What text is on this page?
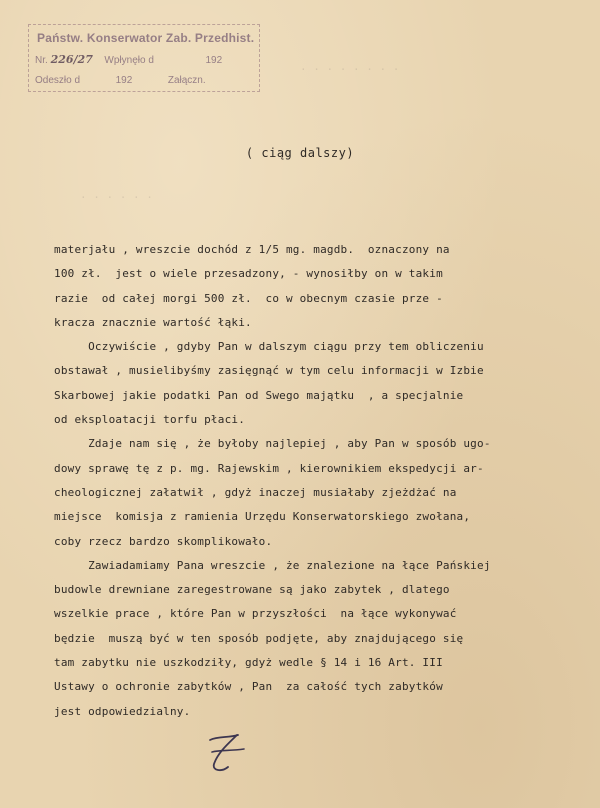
. . . . . . . .
. . . . . .
Państw. Konserwator Zab. Przedhist.
Nr. 226/27 Wpłynęło d	192
Odeszło d	192	Załączn.
( ciąg dalszy)

materjału , wreszcie dochód z 1/5 mg. magdb.  oznaczony na

100 zł.  jest o wiele przesadzony, - wynosiłby on w takim

razie  od całej morgi 500 zł.  co w obecnym czasie prze -

kracza znacznie wartość łąki.

Oczywiście , gdyby Pan w dalszym ciągu przy tem obliczeniu

obstawał , musielibyśmy zasięgnąć w tym celu informacji w Izbie

Skarbowej jakie podatki Pan od Swego majątku  , a specjalnie

od eksploatacji torfu płaci.

Zdaje nam się , że byłoby najlepiej , aby Pan w sposób ugo-

dowy sprawę tę z p. mg. Rajewskim , kierownikiem ekspedycji ar-

cheologicznej załatwił , gdyż inaczej musiałaby zjeżdżać na

miejsce  komisja z ramienia Urzędu Konserwatorskiego zwołana,

coby rzecz bardzo skomplikowało.

Zawiadamiamy Pana wreszcie , że znalezione na łące Pańskiej

budowle drewniane zaregestrowane są jako zabytek , dlatego

wszelkie prace , które Pan w przyszłości  na łące wykonywać

będzie  muszą być w ten sposób podjęte, aby znajdującego się

tam zabytku nie uszkodziły, gdyż wedle § 14 i 16 Art. III

Ustawy o ochronie zabytków , Pan  za całość tych zabytków

jest odpowiedzialny.
